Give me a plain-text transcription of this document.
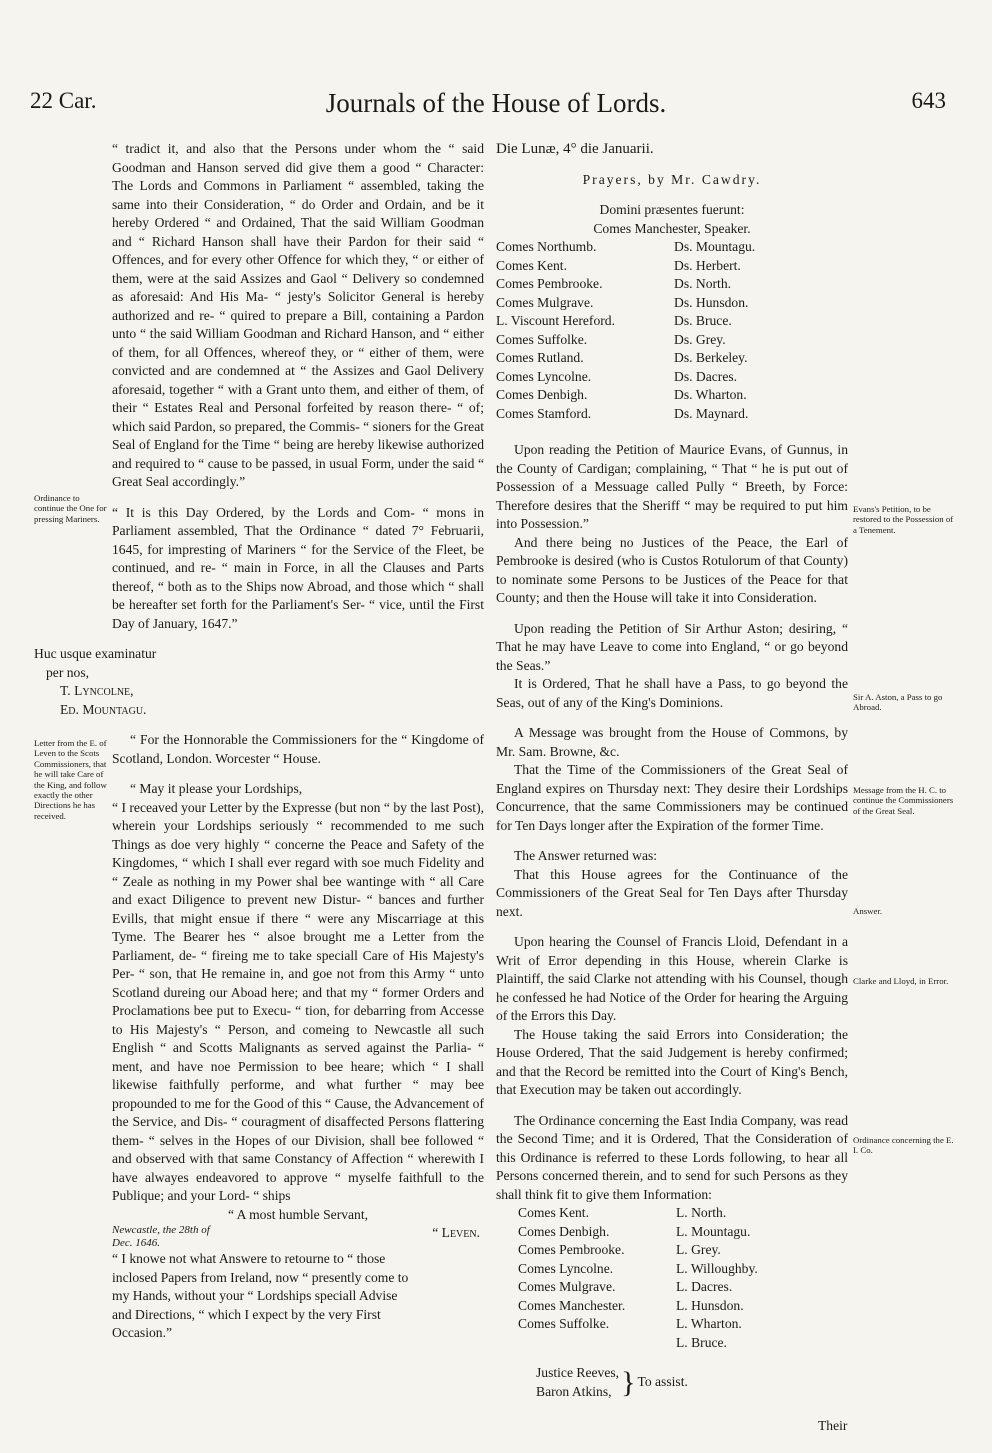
22 Car.	Journals of the House of Lords.	643

“ tradict it, and also that the Persons under whom the “ said Goodman and Hanson served did give them a good “ Character: The Lords and Commons in Parliament “ assembled, taking the same into their Consideration, “ do Order and Ordain, and be it hereby Ordered “ and Ordained, That the said William Goodman and “ Richard Hanson shall have their Pardon for their said “ Offences, and for every other Offence for which they, “ or either of them, were at the said Assizes and Gaol “ Delivery so condemned as aforesaid: And His Ma- “ jesty's Solicitor General is hereby authorized and re- “ quired to prepare a Bill, containing a Pardon unto “ the said William Goodman and Richard Hanson, and “ either of them, for all Offences, whereof they, or “ either of them, were convicted and are condemned at “ the Assizes and Gaol Delivery aforesaid, together “ with a Grant unto them, and either of them, of their “ Estates Real and Personal forfeited by reason there- “ of; which said Pardon, so prepared, the Commis- “ sioners for the Great Seal of England for the Time “ being are hereby likewise authorized and required to “ cause to be passed, in usual Form, under the said “ Great Seal accordingly.”

“ It is this Day Ordered, by the Lords and Com- “ mons in Parliament assembled, That the Ordinance “ dated 7° Februarii, 1645, for impresting of Mariners “ for the Service of the Fleet, be continued, and re- “ main in Force, in all the Clauses and Parts thereof, “ both as to the Ships now Abroad, and those which “ shall be hereafter set forth for the Parliament's Ser- “ vice, until the First Day of January, 1647.”

Huc usque examinatur

per nos,

T. Lyncolne,

Ed. Mountagu.

“ For the Honnorable the Commissioners for the “ Kingdome of Scotland, London. Worcester “ House.

“ May it please your Lordships,

“ I receaved your Letter by the Expresse (but non “ by the last Post), wherein your Lordships seriously “ recommended to me such Things as doe very highly “ concerne the Peace and Safety of the Kingdomes, “ which I shall ever regard with soe much Fidelity and “ Zeale as nothing in my Power shal bee wantinge with “ all Care and exact Diligence to prevent new Distur- “ bances and further Evills, that might ensue if there “ were any Miscarriage at this Tyme. The Bearer hes “ alsoe brought me a Letter from the Parliament, de- “ fireing me to take speciall Care of His Majesty's Per- “ son, that He remaine in, and goe not from this Army “ unto Scotland dureing our Aboad here; and that my “ former Orders and Proclamations bee put to Execu- “ tion, for debarring from Accesse to His Majesty's “ Person, and comeing to Newcastle all such English “ and Scotts Malignants as served against the Parlia- “ ment, and have noe Permission to bee heare; which “ I shall likewise faithfully performe, and what further “ may bee propounded to me for the Good of this “ Cause, the Advancement of the Service, and Dis- “ couragment of disaffected Persons flattering them- “ selves in the Hopes of our Division, shall bee followed “ and observed with that same Constancy of Affection “ wherewith I have alwayes endeavored to approve “ myselfe faithfull to the Publique; and your Lord- “ ships

“ A most humble Servant,

Newcastle, the 28th of Dec. 1646.
“ Leven.

“ I knowe not what Answere to retourne to “ those inclosed Papers from Ireland, now “ presently come to my Hands, without your “ Lordships speciall Advise and Directions, “ which I expect by the very First Occasion.”

Ordinance to continue the One for pressing Mariners.
Letter from the E. of Leven to the Scots Commissioners, that he will take Care of the King, and follow exactly the other Directions he has received.

Die Lunæ, 4° die Januarii.

Prayers, by Mr. Cawdry.

Domini præsentes fuerunt:

Comes Manchester, Speaker.

Comes Northumb.

Comes Kent.

Comes Pembrooke.

Comes Mulgrave.

L. Viscount Hereford.

Comes Suffolke.

Comes Rutland.

Comes Lyncolne.

Comes Denbigh.

Comes Stamford.

Ds. Mountagu.

Ds. Herbert.

Ds. North.

Ds. Hunsdon.

Ds. Bruce.

Ds. Grey.

Ds. Berkeley.

Ds. Dacres.

Ds. Wharton.

Ds. Maynard.

Upon reading the Petition of Maurice Evans, of Gunnus, in the County of Cardigan; complaining, “ That “ he is put out of Possession of a Messuage called Pully “ Breeth, by Force: Therefore desires that the Sheriff “ may be required to put him into Possession.”

And there being no Justices of the Peace, the Earl of Pembrooke is desired (who is Custos Rotulorum of that County) to nominate some Persons to be Justices of the Peace for that County; and then the House will take it into Consideration.

Upon reading the Petition of Sir Arthur Aston; desiring, “ That he may have Leave to come into England, “ or go beyond the Seas.”

It is Ordered, That he shall have a Pass, to go beyond the Seas, out of any of the King's Dominions.

A Message was brought from the House of Commons, by Mr. Sam. Browne, &c.

That the Time of the Commissioners of the Great Seal of England expires on Thursday next: They desire their Lordships Concurrence, that the same Commissioners may be continued for Ten Days longer after the Expiration of the former Time.

The Answer returned was:

That this House agrees for the Continuance of the Commissioners of the Great Seal for Ten Days after Thursday next.

Upon hearing the Counsel of Francis Lloid, Defendant in a Writ of Error depending in this House, wherein Clarke is Plaintiff, the said Clarke not attending with his Counsel, though he confessed he had Notice of the Order for hearing the Arguing of the Errors this Day.

The House taking the said Errors into Consideration; the House Ordered, That the said Judgement is hereby confirmed; and that the Record be remitted into the Court of King's Bench, that Execution may be taken out accordingly.

The Ordinance concerning the East India Company, was read the Second Time; and it is Ordered, That the Consideration of this Ordinance is referred to these Lords following, to hear all Persons concerned therein, and to send for such Persons as they shall think fit to give them Information:

Comes Kent.

Comes Denbigh.

Comes Pembrooke.

Comes Lyncolne.

Comes Mulgrave.

Comes Manchester.

Comes Suffolke.

L. North.

L. Mountagu.

L. Grey.

L. Willoughby.

L. Dacres.

L. Hunsdon.

L. Wharton.

L. Bruce.

Justice Reeves,

Baron Atkins, } To assist.
Evans's Petition, to be restored to the Possession of a Tenement.
Sir A. Aston, a Pass to go Abroad.
Message from the H. C. to continue the Commissioners of the Great Seal.
Answer.
Clarke and Lloyd, in Error.
Ordinance concerning the E. I. Co.
Their
